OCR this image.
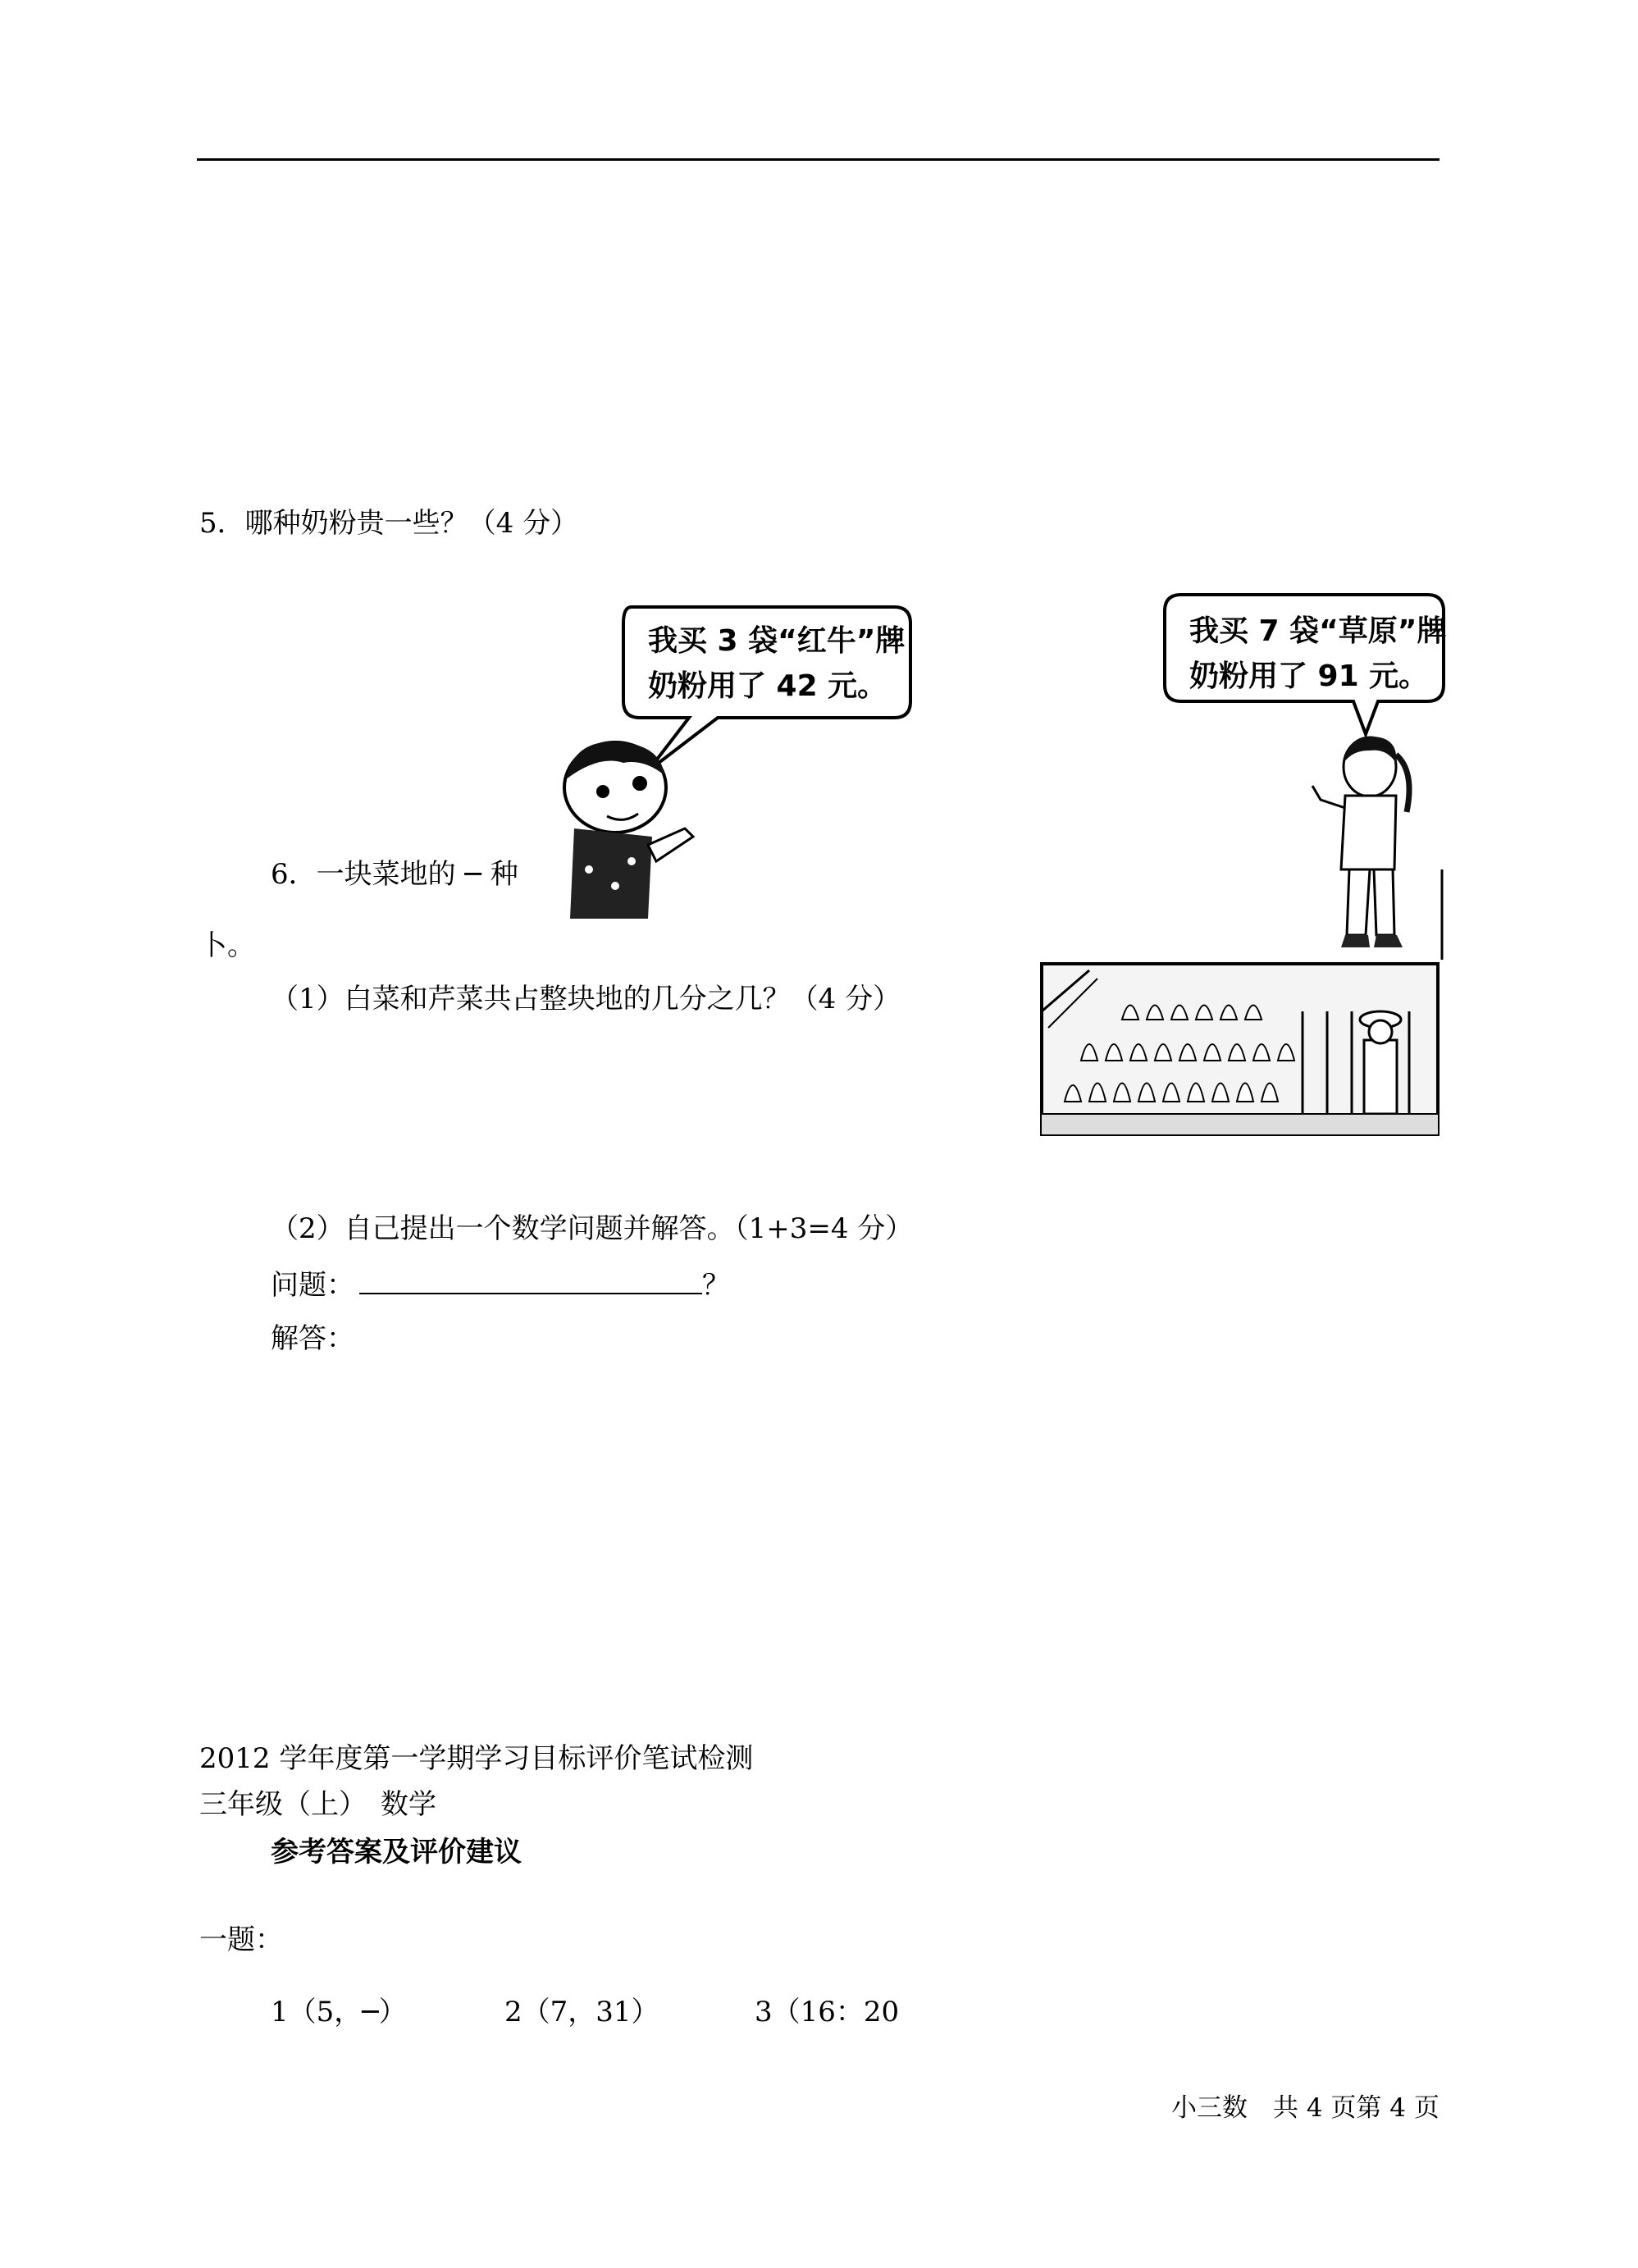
5．哪种奶粉贵一些？（4 分）
我买 3 袋“红牛”牌
奶粉用了 42 元。
我买 7 袋“草原”牌
奶粉用了 91 元。
6．一块菜地的 ─ 种
卜。
（1）白菜和芹菜共占整块地的几分之几？（4 分）
（2）自己提出一个数学问题并解答。（1+3=4 分）
问题：	？
解答：
2012 学年度第一学期学习目标评价笔试检测
三年级（上）　数学
参考答案及评价建议
一题：
1（5，─）	2（7，31）	3（16：20
小三数　共 4 页第 4 页
